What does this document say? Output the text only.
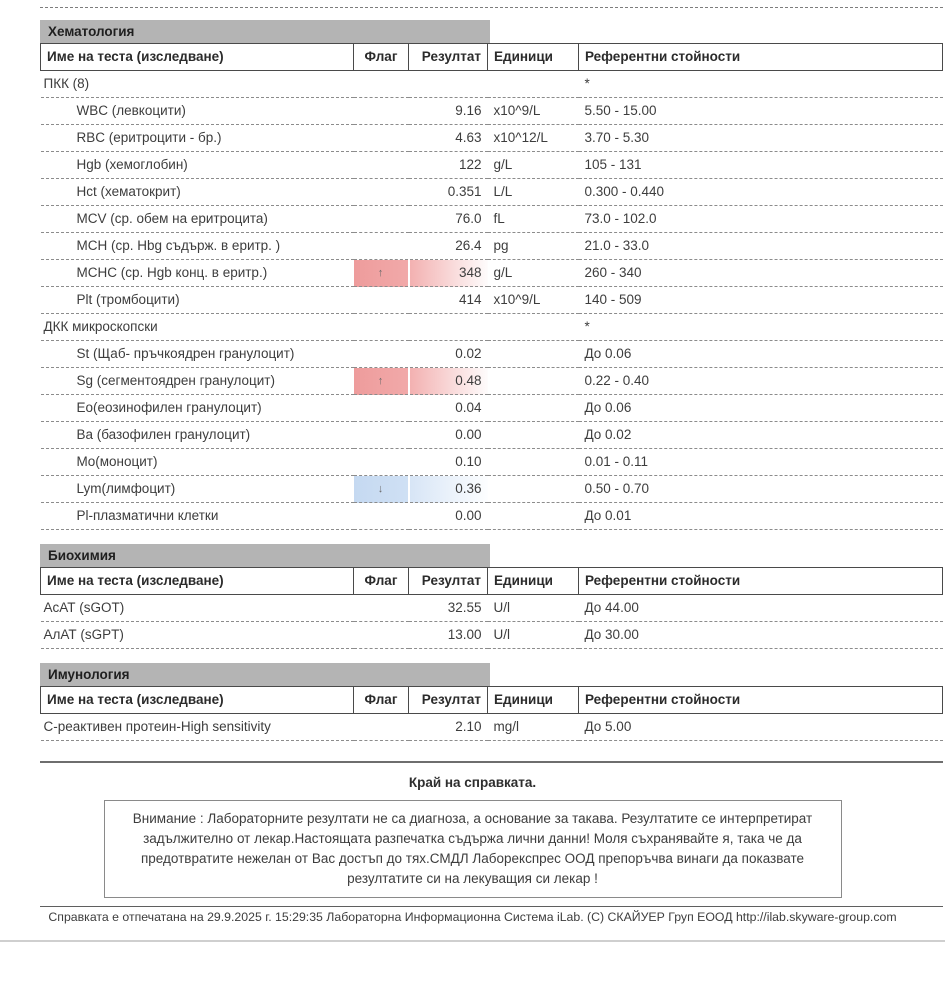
Хематология
Име на теста (изследване)	Флаг	Резултат	Единици	Референтни стойности
ПКК (8)				*
WBC (левкоцити)		9.16	x10^9/L	5.50 - 15.00
RBC (еритроцити - бр.)		4.63	x10^12/L	3.70 - 5.30
Hgb (хемоглобин)		122	g/L	105 - 131
Hct (хематокрит)		0.351	L/L	0.300 - 0.440
MCV (ср. обем на еритроцита)		76.0	fL	73.0 - 102.0
MCH (ср. Hbg съдърж. в еритр. )		26.4	pg	21.0 - 33.0
MCHC (ср. Hgb конц. в еритр.)	↑	348	g/L	260 - 340
Plt (тромбоцити)		414	x10^9/L	140 - 509
ДКК микроскопски				*
St (Щаб- пръчкоядрен гранулоцит)		0.02		До 0.06
Sg (сегментоядрен гранулоцит)	↑	0.48		0.22 - 0.40
Eo(еозинофилен гранулоцит)		0.04		До 0.06
Ba (базофилен гранулоцит)		0.00		До 0.02
Mo(моноцит)		0.10		0.01 - 0.11
Lym(лимфоцит)	↓	0.36		0.50 - 0.70
Pl-плазматични клетки		0.00		До 0.01
Биохимия
Име на теста (изследване)	Флаг	Резултат	Единици	Референтни стойности
АсАТ (sGOT)		32.55	U/l	До 44.00
АлАТ (sGPT)		13.00	U/l	До 30.00
Имунология
Име на теста (изследване)	Флаг	Резултат	Единици	Референтни стойности
C-реактивен протеин-High sensitivity		2.10	mg/l	До 5.00
Край на справката.
Внимание : Лабораторните резултати не са диагноза, а основание за такава. Резултатите се интерпретират задължително от лекар.Настоящата разпечатка съдържа лични данни! Моля съхранявайте я, така че да предотвратите нежелан от Вас достъп до тях.СМДЛ Лаборекспрес ООД препоръчва винаги да показвате резултатите си на лекуващия си лекар !
Справката е отпечатана на 29.9.2025 г. 15:29:35 Лабораторна Информационна Система iLab. (C) СКАЙУЕР Груп ЕООД http://ilab.skyware-group.com
